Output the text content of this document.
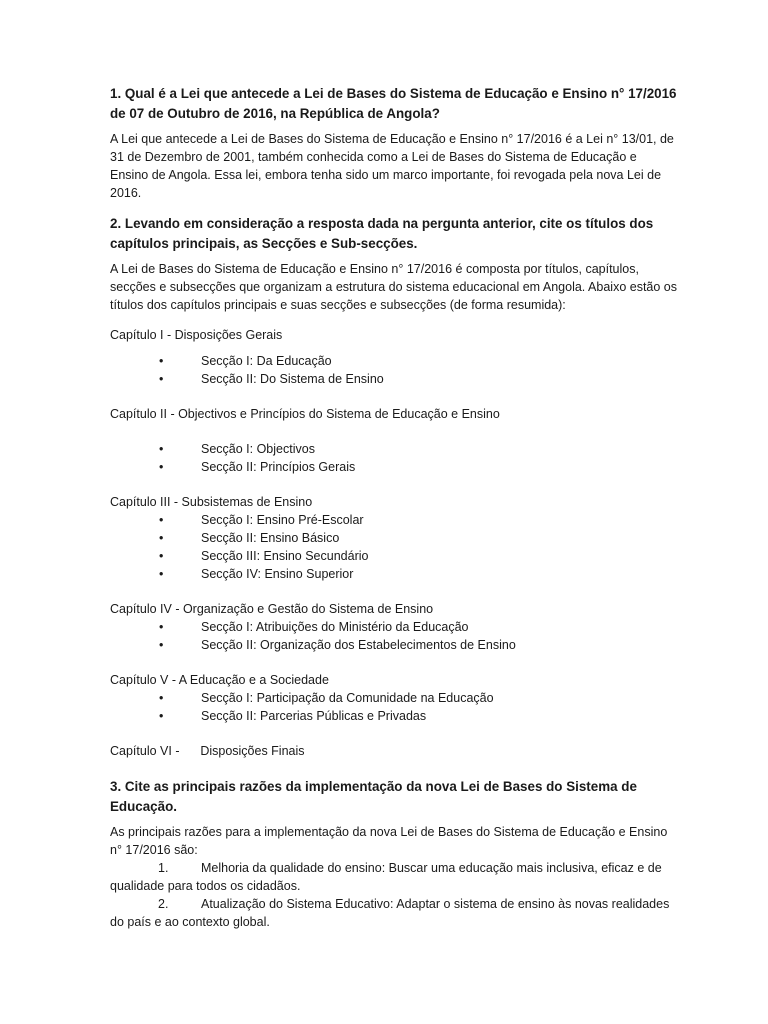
1. Qual é a Lei que antecede a Lei de Bases do Sistema de Educação e Ensino n° 17/2016 de 07 de Outubro de 2016, na República de Angola?

A Lei que antecede a Lei de Bases do Sistema de Educação e Ensino n° 17/2016 é a Lei n° 13/01, de 31 de Dezembro de 2001, também conhecida como a Lei de Bases do Sistema de Educação e Ensino de Angola. Essa lei, embora tenha sido um marco importante, foi revogada pela nova Lei de 2016.

2. Levando em consideração a resposta dada na pergunta anterior, cite os títulos dos capítulos principais, as Secções e Sub-secções.

A Lei de Bases do Sistema de Educação e Ensino n° 17/2016 é composta por títulos, capítulos, secções e subsecções que organizam a estrutura do sistema educacional em Angola. Abaixo estão os títulos dos capítulos principais e suas secções e subsecções (de forma resumida):

Capítulo I - Disposições Gerais

• Secção I: Da Educação
• Secção II: Do Sistema de Ensino

Capítulo II - Objectivos e Princípios do Sistema de Educação e Ensino

• Secção I: Objectivos
• Secção II: Princípios Gerais

Capítulo III - Subsistemas de Ensino

• Secção I: Ensino Pré-Escolar
• Secção II: Ensino Básico
• Secção III: Ensino Secundário
• Secção IV: Ensino Superior

Capítulo IV - Organização e Gestão do Sistema de Ensino

• Secção I: Atribuições do Ministério da Educação
• Secção II: Organização dos Estabelecimentos de Ensino

Capítulo V - A Educação e a Sociedade

• Secção I: Participação da Comunidade na Educação
• Secção II: Parcerias Públicas e Privadas

Capítulo VI -      Disposições Finais

3. Cite as principais razões da implementação da nova Lei de Bases do Sistema de Educação.

As principais razões para a implementação da nova Lei de Bases do Sistema de Educação e Ensino n° 17/2016 são:

1.	Melhoria da qualidade do ensino: Buscar uma educação mais inclusiva, eficaz e de qualidade para todos os cidadãos.
2.	Atualização do Sistema Educativo: Adaptar o sistema de ensino às novas realidades do país e ao contexto global.
